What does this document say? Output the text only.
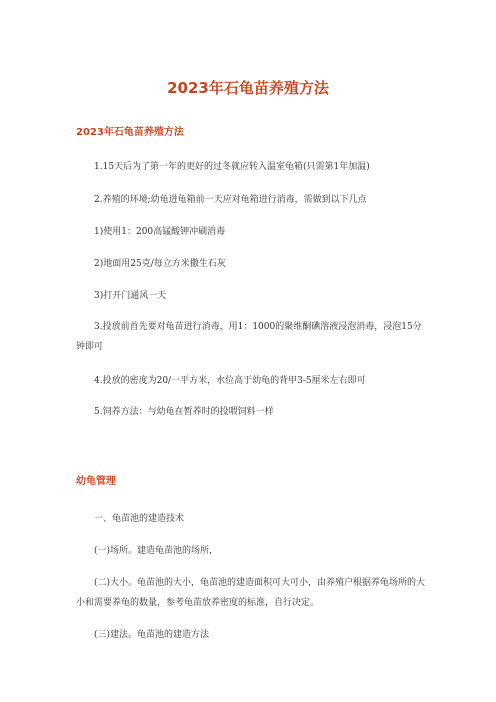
2023年石龟苗养殖方法
2023年石龟苗养殖方法
1.15天后为了第一年的更好的过冬就应转入温室龟箱(只需第1年加温)
2.养殖的环境;幼龟进龟箱前一天应对龟箱进行消毒，需做到以下几点
1)使用1：200高锰酸钾冲刷消毒
2)地面用25克/每立方米撒生石灰
3)打开门通风一天
3.投放前首先要对龟苗进行消毒，用1：1000的聚维酮碘溶液浸泡消毒，浸泡15分钟即可
4.投放的密度为20/一平方米，水位高于幼龟的背甲3-5厘米左右即可
5.饲养方法：与幼龟在暂养时的投喂饲料一样
幼龟管理
一、龟苗池的建造技术
(一)场所。建造龟苗池的场所，
(二)大小。龟苗池的大小，龟苗池的建造面积可大可小，由养殖户根据养龟场所的大小和需要养龟的数量，参考龟苗放养密度的标准，自行决定。
(三)建法。龟苗池的建造方法
